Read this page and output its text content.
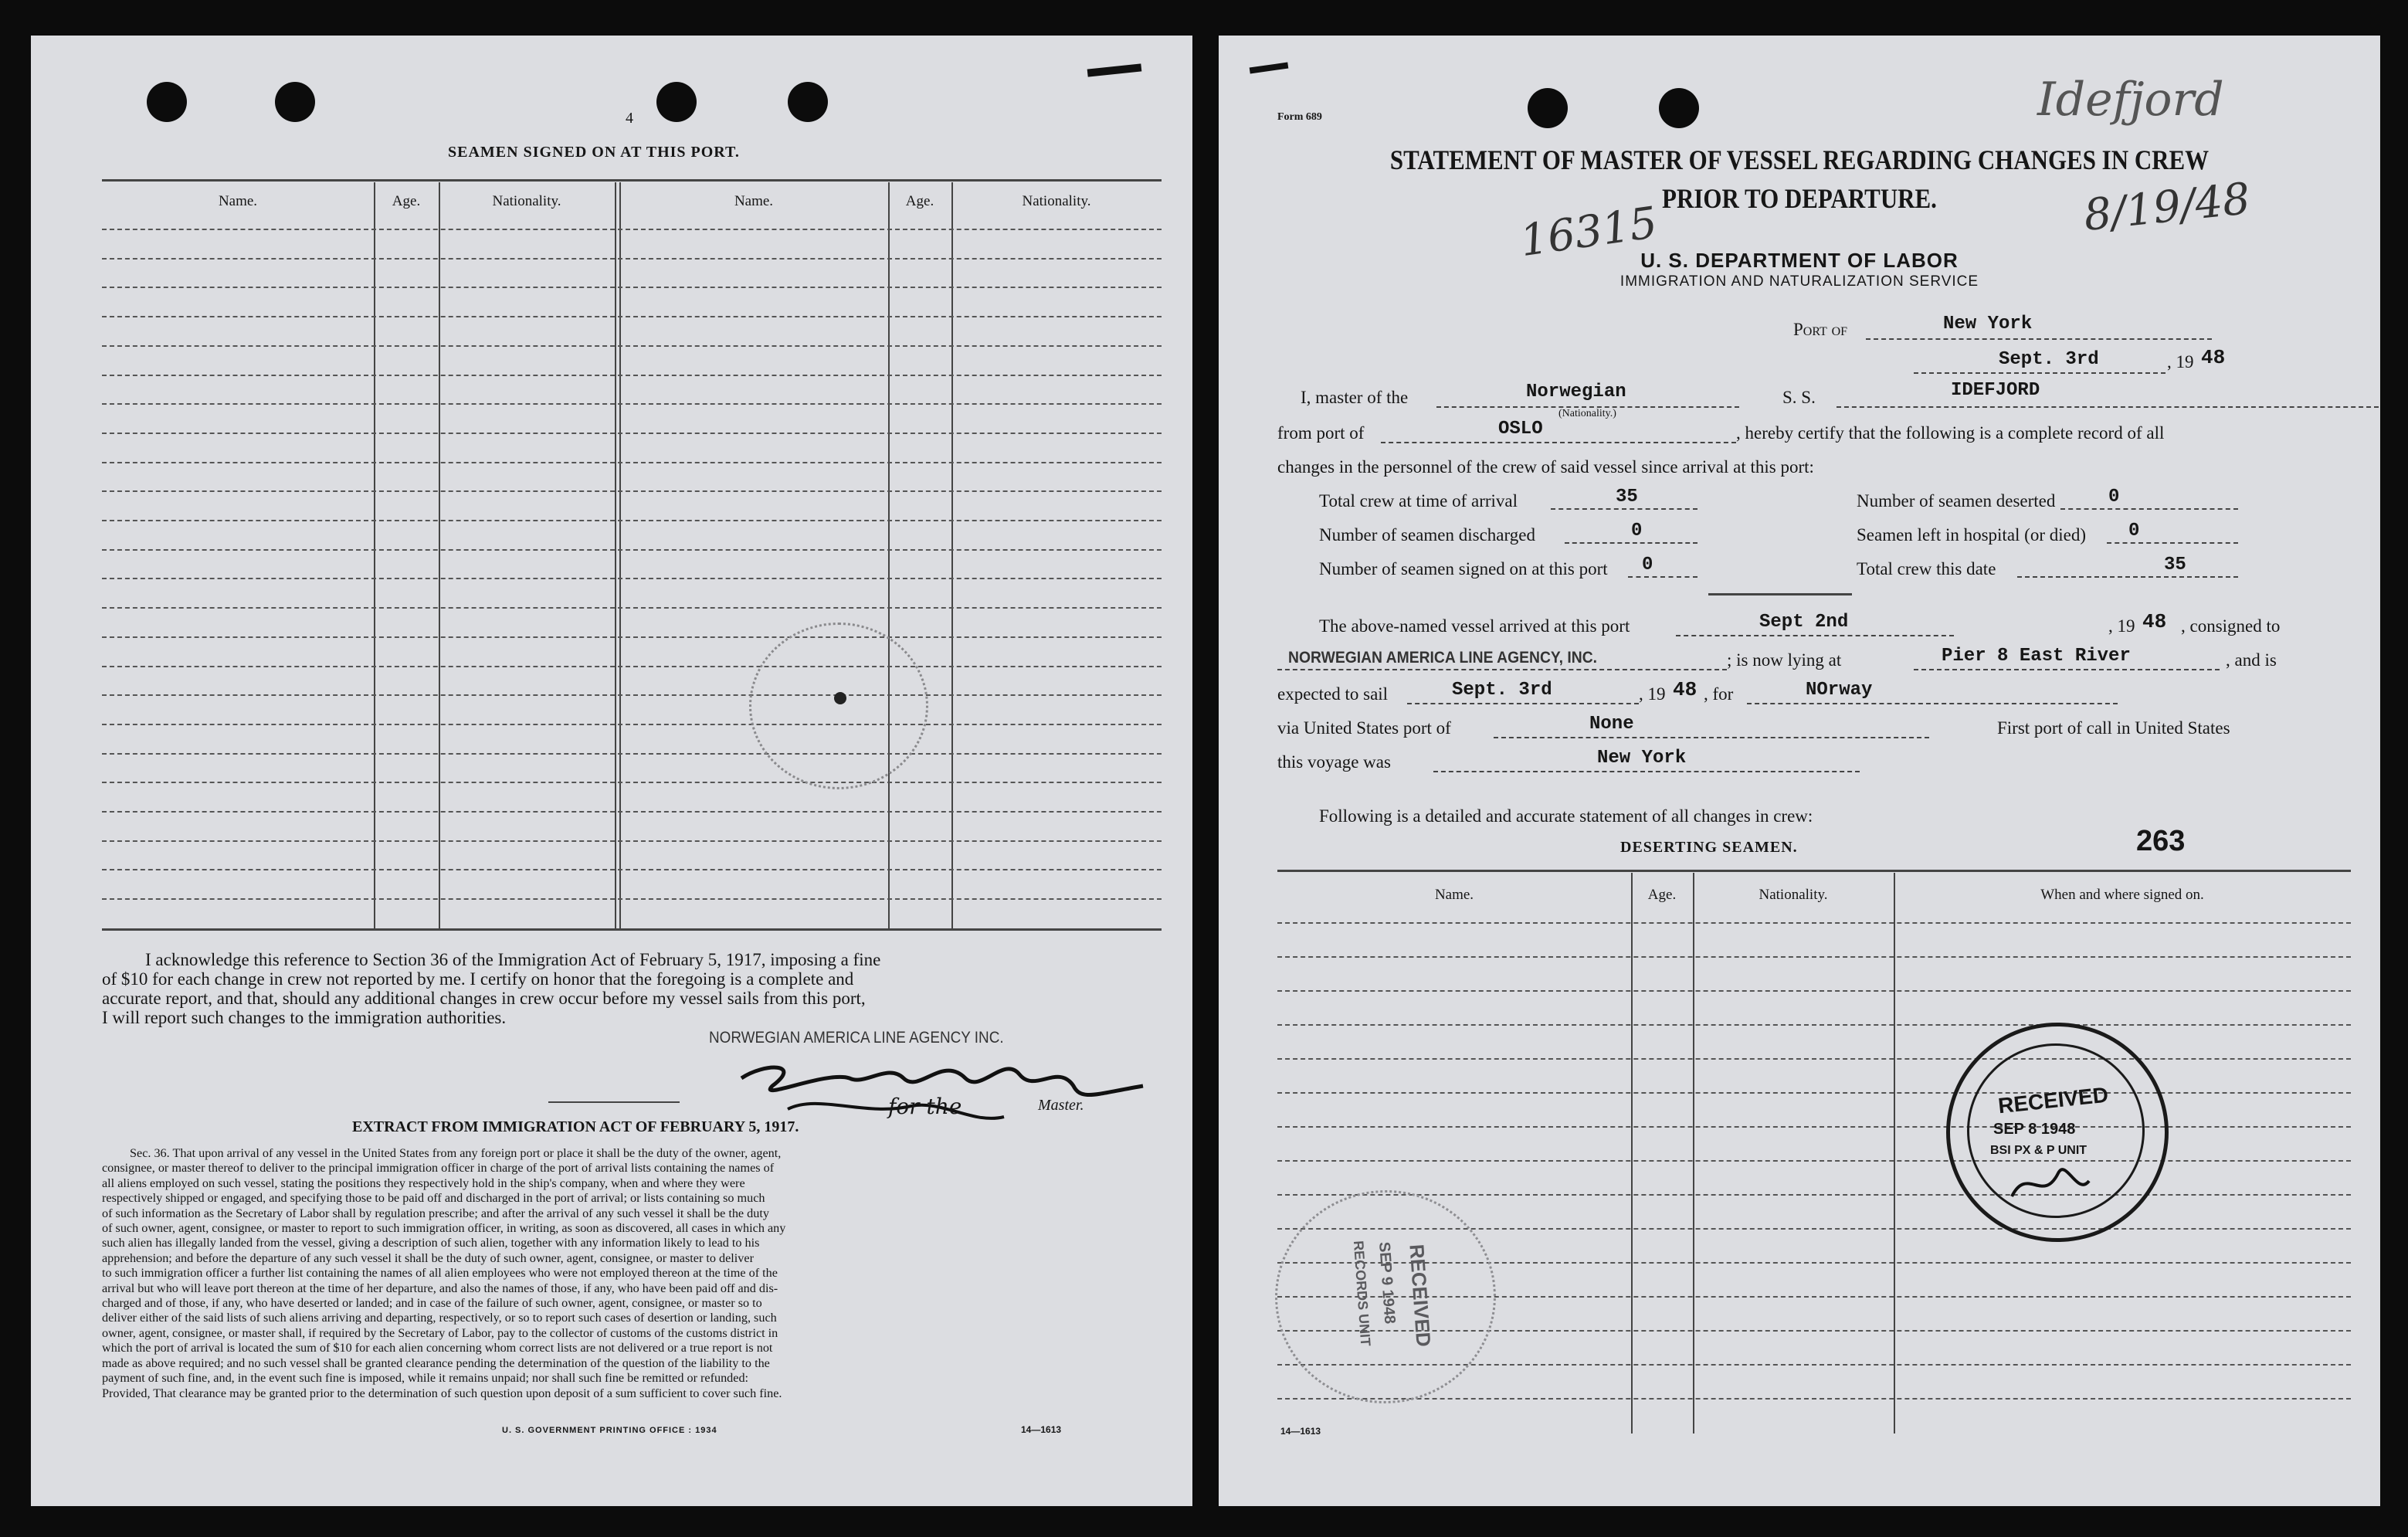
4
SEAMEN SIGNED ON AT THIS PORT.
Name.	Age.	Nationality.	Name.	Age.	Nationality.
I acknowledge this reference to Section 36 of the Immigration Act of February 5, 1917, imposing a fine
of $10 for each change in crew not reported by me. I certify on honor that the foregoing is a complete and
accurate report, and that, should any additional changes in crew occur before my vessel sails from this port,
I will report such changes to the immigration authorities.
NORWEGIAN AMERICA LINE AGENCY INC.
for the	Master.
EXTRACT FROM IMMIGRATION ACT OF FEBRUARY 5, 1917.
Sec. 36. That upon arrival of any vessel in the United States from any foreign port or place it shall be the duty of the owner, agent,
consignee, or master thereof to deliver to the principal immigration officer in charge of the port of arrival lists containing the names of
all aliens employed on such vessel, stating the positions they respectively hold in the ship's company, when and where they were
respectively shipped or engaged, and specifying those to be paid off and discharged in the port of arrival; or lists containing so much
of such information as the Secretary of Labor shall by regulation prescribe; and after the arrival of any such vessel it shall be the duty
of such owner, agent, consignee, or master to report to such immigration officer, in writing, as soon as discovered, all cases in which any
such alien has illegally landed from the vessel, giving a description of such alien, together with any information likely to lead to his
apprehension; and before the departure of any such vessel it shall be the duty of such owner, agent, consignee, or master to deliver
to such immigration officer a further list containing the names of all alien employees who were not employed thereon at the time of the
arrival but who will leave port thereon at the time of her departure, and also the names of those, if any, who have been paid off and dis-
charged and of those, if any, who have deserted or landed; and in case of the failure of such owner, agent, consignee, or master so to
deliver either of the said lists of such aliens arriving and departing, respectively, or so to report such cases of desertion or landing, such
owner, agent, consignee, or master shall, if required by the Secretary of Labor, pay to the collector of customs of the customs district in
which the port of arrival is located the sum of $10 for each alien concerning whom correct lists are not delivered or a true report is not
made as above required; and no such vessel shall be granted clearance pending the determination of the question of the liability to the
payment of such fine, and, in the event such fine is imposed, while it remains unpaid; nor shall such fine be remitted or refunded:
Provided, That clearance may be granted prior to the determination of such question upon deposit of a sum sufficient to cover such fine.
U. S. GOVERNMENT PRINTING OFFICE : 1934	14—1613
Form 689	Idefjord
8/19/48
16315
STATEMENT OF MASTER OF VESSEL REGARDING CHANGES IN CREW
PRIOR TO DEPARTURE.
U. S. DEPARTMENT OF LABOR
IMMIGRATION AND NATURALIZATION SERVICE
Port of	New York
Sept. 3rd	, 19 48
I, master of the	Norwegian
(Nationality.)
S. S.	IDEFJORD
from port of	OSLO	, hereby certify that the following is a complete record of all
changes in the personnel of the crew of said vessel since arrival at this port:
Total crew at time of arrival	35	Number of seamen deserted	0
Number of seamen discharged	0	Seamen left in hospital (or died) 0
Number of seamen signed on at this port 0	Total crew this date	35
The above-named vessel arrived at this port	Sept 2nd	, 19 48 , consigned to
NORWEGIAN AMERICA LINE AGENCY, INC.	; is now lying at	Pier 8 East River	, and is
expected to sail	Sept. 3rd	, 19 48 , for	NOrway
via United States port of	None	First port of call in United States
this voyage was	New York
Following is a detailed and accurate statement of all changes in crew:
DESERTING SEAMEN.	263
Name.	Age.	Nationality.	When and where signed on.
RECEIVED
SEP 8 1948
BSI PX & P UNIT
RECEIVED
SEP 9 1948
RECORDS UNIT
14—1613
